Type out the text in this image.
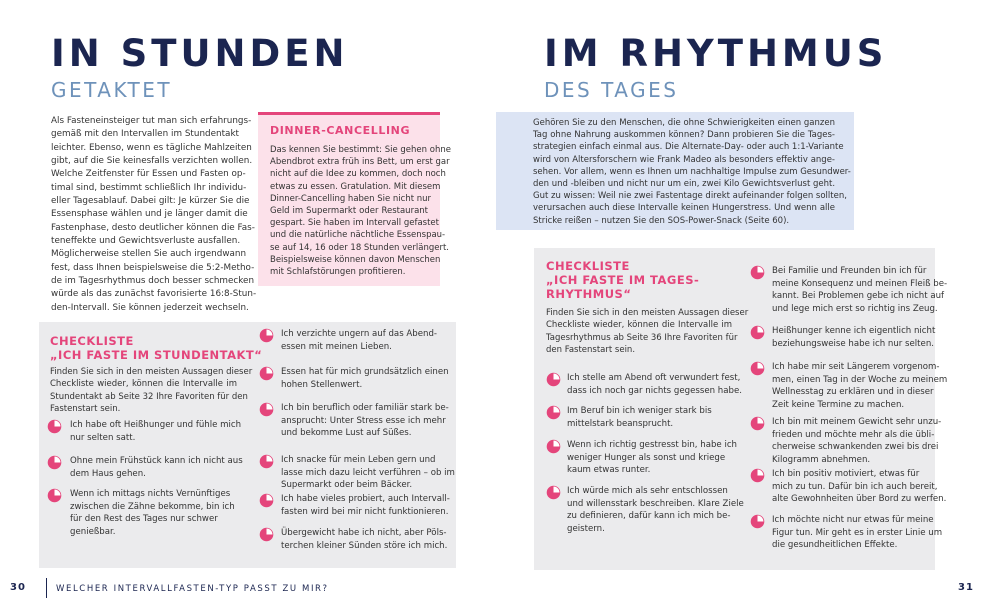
IN STUNDEN
GETAKTET
Als Fasteneinsteiger tut man sich erfahrungs-
gemäß mit den Intervallen im Stundentakt
leichter. Ebenso, wenn es tägliche Mahlzeiten
gibt, auf die Sie keinesfalls verzichten wollen.
Welche Zeitfenster für Essen und Fasten op-
timal sind, bestimmt schließlich Ihr individu-
eller Tagesablauf. Dabei gilt: Je kürzer Sie die
Essensphase wählen und je länger damit die
Fastenphase, desto deutlicher können die Fas-
teneffekte und Gewichtsverluste ausfallen.
Möglicherweise stellen Sie auch irgendwann
fest, dass Ihnen beispielsweise die 5:2-Metho-
de im Tagesrhythmus doch besser schmecken
würde als das zunächst favorisierte 16:8-Stun-
den-Intervall. Sie können jederzeit wechseln.
DINNER-CANCELLING
Das kennen Sie bestimmt: Sie gehen ohne
Abendbrot extra früh ins Bett, um erst gar
nicht auf die Idee zu kommen, doch noch
etwas zu essen. Gratulation. Mit diesem
Dinner-Cancelling haben Sie nicht nur
Geld im Supermarkt oder Restaurant
gespart. Sie haben im Intervall gefastet
und die natürliche nächtliche Essenspau-
se auf 14, 16 oder 18 Stunden verlängert.
Beispielsweise können davon Menschen
mit Schlafstörungen profitieren.
CHECKLISTE
„ICH FASTE IM STUNDENTAKT“
Finden Sie sich in den meisten Aussagen dieser
Checkliste wieder, können die Intervalle im
Stundentakt ab Seite 32 Ihre Favoriten für den
Fastenstart sein.
Ich habe oft Heißhunger und fühle mich
nur selten satt.
Ohne mein Frühstück kann ich nicht aus
dem Haus gehen.
Wenn ich mittags nichts Vernünftiges
zwischen die Zähne bekomme, bin ich
für den Rest des Tages nur schwer
genießbar.
Ich verzichte ungern auf das Abend-
essen mit meinen Lieben.
Essen hat für mich grundsätzlich einen
hohen Stellenwert.
Ich bin beruflich oder familiär stark be-
ansprucht: Unter Stress esse ich mehr
und bekomme Lust auf Süßes.
Ich snacke für mein Leben gern und
lasse mich dazu leicht verführen – ob im
Supermarkt oder beim Bäcker.
Ich habe vieles probiert, auch Intervall-
fasten wird bei mir nicht funktionieren.
Übergewicht habe ich nicht, aber Pöls-
terchen kleiner Sünden störe ich mich.
30	WELCHER INTERVALLFASTEN-TYP PASST ZU MIR?
IM RHYTHMUS
DES TAGES
Gehören Sie zu den Menschen, die ohne Schwierigkeiten einen ganzen
Tag ohne Nahrung auskommen können? Dann probieren Sie die Tages-
strategien einfach einmal aus. Die Alternate-Day- oder auch 1:1-Variante
wird von Altersforschern wie Frank Madeo als besonders effektiv ange-
sehen. Vor allem, wenn es Ihnen um nachhaltige Impulse zum Gesundwer-
den und -bleiben und nicht nur um ein, zwei Kilo Gewichtsverlust geht.
Gut zu wissen: Weil nie zwei Fastentage direkt aufeinander folgen sollten,
verursachen auch diese Intervalle keinen Hungerstress. Und wenn alle
Stricke reißen – nutzen Sie den SOS-Power-Snack (Seite 60).
CHECKLISTE
„ICH FASTE IM TAGES-
RHYTHMUS“
Finden Sie sich in den meisten Aussagen dieser
Checkliste wieder, können die Intervalle im
Tagesrhythmus ab Seite 36 Ihre Favoriten für
den Fastenstart sein.
Ich stelle am Abend oft verwundert fest,
dass ich noch gar nichts gegessen habe.
Im Beruf bin ich weniger stark bis
mittelstark beansprucht.
Wenn ich richtig gestresst bin, habe ich
weniger Hunger als sonst und kriege
kaum etwas runter.
Ich würde mich als sehr entschlossen
und willensstark beschreiben. Klare Ziele
zu definieren, dafür kann ich mich be-
geistern.
Bei Familie und Freunden bin ich für
meine Konsequenz und meinen Fleiß be-
kannt. Bei Problemen gebe ich nicht auf
und lege mich erst so richtig ins Zeug.
Heißhunger kenne ich eigentlich nicht
beziehungsweise habe ich nur selten.
Ich habe mir seit Längerem vorgenom-
men, einen Tag in der Woche zu meinem
Wellnesstag zu erklären und in dieser
Zeit keine Termine zu machen.
Ich bin mit meinem Gewicht sehr unzu-
frieden und möchte mehr als die übli-
cherweise schwankenden zwei bis drei
Kilogramm abnehmen.
Ich bin positiv motiviert, etwas für
mich zu tun. Dafür bin ich auch bereit,
alte Gewohnheiten über Bord zu werfen.
Ich möchte nicht nur etwas für meine
Figur tun. Mir geht es in erster Linie um
die gesundheitlichen Effekte.
31
